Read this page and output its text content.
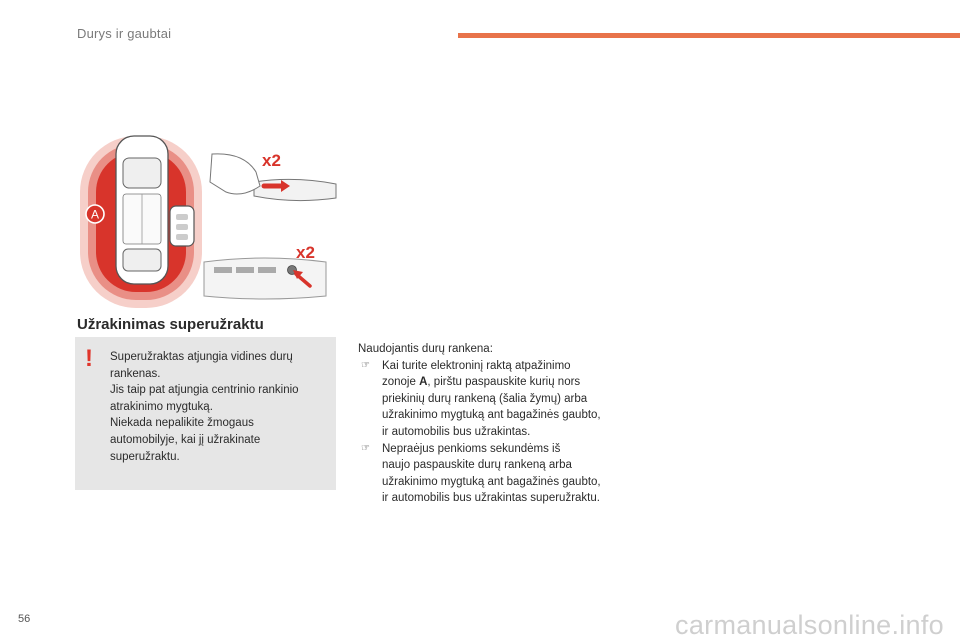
Durys ir gaubtai
A
x2
x2
Užrakinimas superužraktu
! Superužraktas atjungia vidines durų
rankenas.
Jis taip pat atjungia centrinio rankinio
atrakinimo mygtuką.
Niekada nepalikite žmogaus
automobilyje, kai jį užrakinate
superužraktu.
Naudojantis durų rankena:
☞ Kai turite elektroninį raktą atpažinimo
zonoje A, pirštu paspauskite kurių nors
priekinių durų rankeną (šalia žymų) arba
užrakinimo mygtuką ant bagažinės gaubto,
ir automobilis bus užrakintas.
☞ Nepraėjus penkioms sekundėms iš
naujo paspauskite durų rankeną arba
užrakinimo mygtuką ant bagažinės gaubto,
ir automobilis bus užrakintas superužraktu.
56	carmanualsonline.info
